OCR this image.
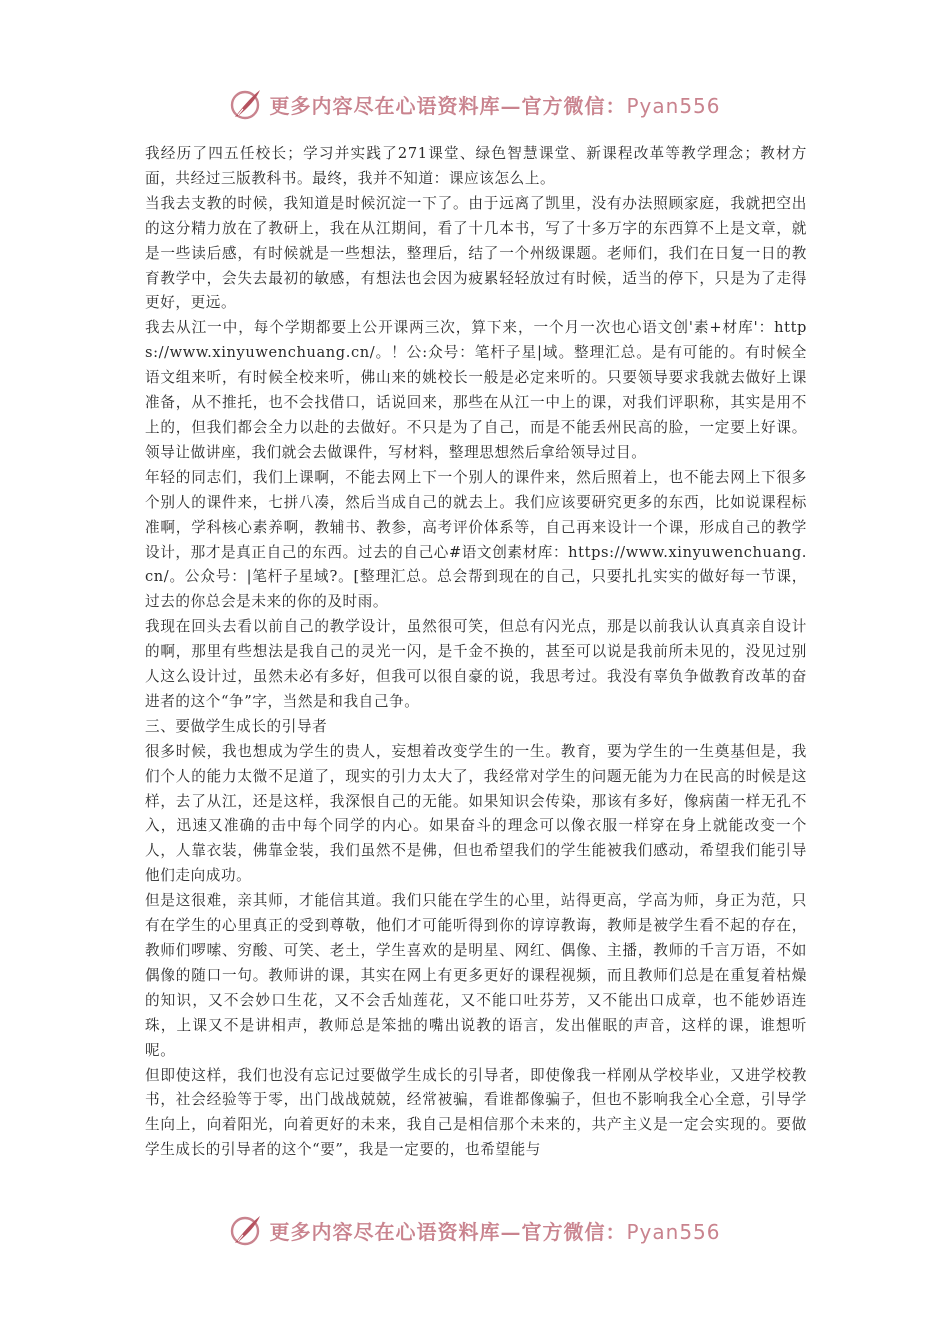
更多内容尽在心语资料库—官方微信：Pyan556

我经历了四五任校长；学习并实践了271课堂、绿色智慧课堂、新课程改革等教学理念；教材方面，共经过三版教科书。最终，我并不知道：课应该怎么上。

当我去支教的时候，我知道是时候沉淀一下了。由于远离了凯里，没有办法照顾家庭，我就把空出的这分精力放在了教研上，我在从江期间，看了十几本书，写了十多万字的东西算不上是文章，就是一些读后感，有时候就是一些想法，整理后，结了一个州级课题。老师们，我们在日复一日的教育教学中，会失去最初的敏感，有想法也会因为疲累轻轻放过有时候，适当的停下，只是为了走得更好，更远。

我去从江一中，每个学期都要上公开课两三次，算下来，一个月一次也心语文创'素+材库'：https://www.xinyuwenchuang.cn/。！公:众号：笔杆子星|域。整理汇总。是有可能的。有时候全语文组来听，有时候全校来听，佛山来的姚校长一般是必定来听的。只要领导要求我就去做好上课准备，从不推托，也不会找借口，话说回来，那些在从江一中上的课，对我们评职称，其实是用不上的，但我们都会全力以赴的去做好。不只是为了自己，而是不能丢州民高的脸，一定要上好课。领导让做讲座，我们就会去做课件，写材料，整理思想然后拿给领导过目。

年轻的同志们，我们上课啊，不能去网上下一个别人的课件来，然后照着上，也不能去网上下很多个别人的课件来，七拼八凑，然后当成自己的就去上。我们应该要研究更多的东西，比如说课程标准啊，学科核心素养啊，教辅书、教参，高考评价体系等，自己再来设计一个课，形成自己的教学设计，那才是真正自己的东西。过去的自己心#语文创素材库：https://www.xinyuwenchuang.cn/。公众号：|笔杆子星域?。[整理汇总。总会帮到现在的自己，只要扎扎实实的做好每一节课，过去的你总会是未来的你的及时雨。

我现在回头去看以前自己的教学设计，虽然很可笑，但总有闪光点，那是以前我认认真真亲自设计的啊，那里有些想法是我自己的灵光一闪，是千金不换的，甚至可以说是我前所未见的，没见过别人这么设计过，虽然未必有多好，但我可以很自豪的说，我思考过。我没有辜负争做教育改革的奋进者的这个“争”字，当然是和我自己争。

三、要做学生成长的引导者

很多时候，我也想成为学生的贵人，妄想着改变学生的一生。教育，要为学生的一生奠基但是，我们个人的能力太微不足道了，现实的引力太大了，我经常对学生的问题无能为力在民高的时候是这样，去了从江，还是这样，我深恨自己的无能。如果知识会传染，那该有多好，像病菌一样无孔不入，迅速又准确的击中每个同学的内心。如果奋斗的理念可以像衣服一样穿在身上就能改变一个人，人靠衣装，佛靠金装，我们虽然不是佛，但也希望我们的学生能被我们感动，希望我们能引导他们走向成功。

但是这很难，亲其师，才能信其道。我们只能在学生的心里，站得更高，学高为师，身正为范，只有在学生的心里真正的受到尊敬，他们才可能听得到你的谆谆教诲，教师是被学生看不起的存在，教师们啰嗦、穷酸、可笑、老土，学生喜欢的是明星、网红、偶像、主播，教师的千言万语，不如偶像的随口一句。教师讲的课，其实在网上有更多更好的课程视频，而且教师们总是在重复着枯燥的知识，又不会妙口生花，又不会舌灿莲花，又不能口吐芬芳，又不能出口成章，也不能妙语连珠，上课又不是讲相声，教师总是笨拙的嘴出说教的语言，发出催眠的声音，这样的课，谁想听呢。

但即使这样，我们也没有忘记过要做学生成长的引导者，即使像我一样刚从学校毕业，又进学校教书，社会经验等于零，出门战战兢兢，经常被骗，看谁都像骗子，但也不影响我全心全意，引导学生向上，向着阳光，向着更好的未来，我自己是相信那个未来的，共产主义是一定会实现的。要做学生成长的引导者的这个“要”，我是一定要的，也希望能与

更多内容尽在心语资料库—官方微信：Pyan556
